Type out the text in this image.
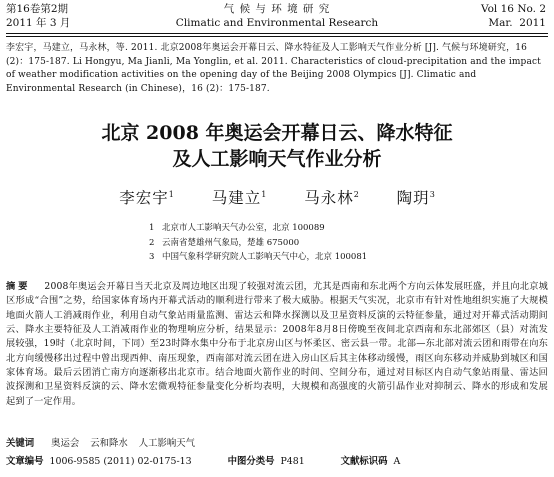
第16卷第2期
2011 年 3 月
气 候 与 环 境 研 究
Climatic and Environmental Research
Vol 16 No. 2
Mar.  2011

李宏宇，马建立，马永林，等. 2011. 北京2008年奥运会开幕日云、降水特征及人工影响天气作业分析 [J]. 气候与环境研究，16 (2)：175-187. Li Hongyu, Ma Jianli, Ma Yonglin, et al. 2011. Characteristics of cloud-precipitation and the impact of weather modification activities on the opening day of the Beijing 2008 Olympics [J]. Climatic and Environmental Research (in Chinese)，16 (2)：175-187.

北京 2008 年奥运会开幕日云、降水特征
及人工影响天气作业分析
李宏宇$^1$ 马建立$^1$ 马永林$^2$ 陶玥$^3$
1 北京市人工影响天气办公室，北京 100089
2 云南省楚雄州气象局，楚雄 675000
3 中国气象科学研究院人工影响天气中心，北京 100081
摘要 2008年奥运会开幕日当天北京及周边地区出现了较强对流云团，尤其是西南和东北两个方向云体发展旺盛，并且向北京城区形成“合围”之势，给国家体育场内开幕式活动的顺利进行带来了极大威胁。根据天气实况，北京市有针对性地组织实施了大规模地面火箭人工消减雨作业，利用自动气象站雨量监测、雷达云和降水探测以及卫星资料反演的云特征参量，通过对开幕式活动期间云、降水主要特征及人工消减雨作业的物理响应分析，结果显示：2008年8月8日傍晚至夜间北京西南和东北部郊区（县）对流发展较强，19时（北京时间，下同）至23时降水集中分布于北京房山区与怀柔区、密云县一带。北部—东北部对流云团和雨带在向东北方向缓慢移出过程中曾出现西伸、南压现象，西南部对流云团在进入房山区后其主体移动缓慢，雨区向东移动并威胁到城区和国家体育场。最后云团消亡南方向逐渐移出北京市。结合地面火箭作业的时间、空间分布，通过对目标区内自动气象站雨量、雷达回波探测和卫星资料反演的云、降水宏微观特征参量变化分析均表明，大规模和高强度的火箭引晶作业对抑制云、降水的形成和发展起到了一定作用。
关键词 奥运会 云和降水 人工影响天气
文章编号 1006-9585 (2011) 02-0175-13	中图分类号 P481	文献标识码 A
